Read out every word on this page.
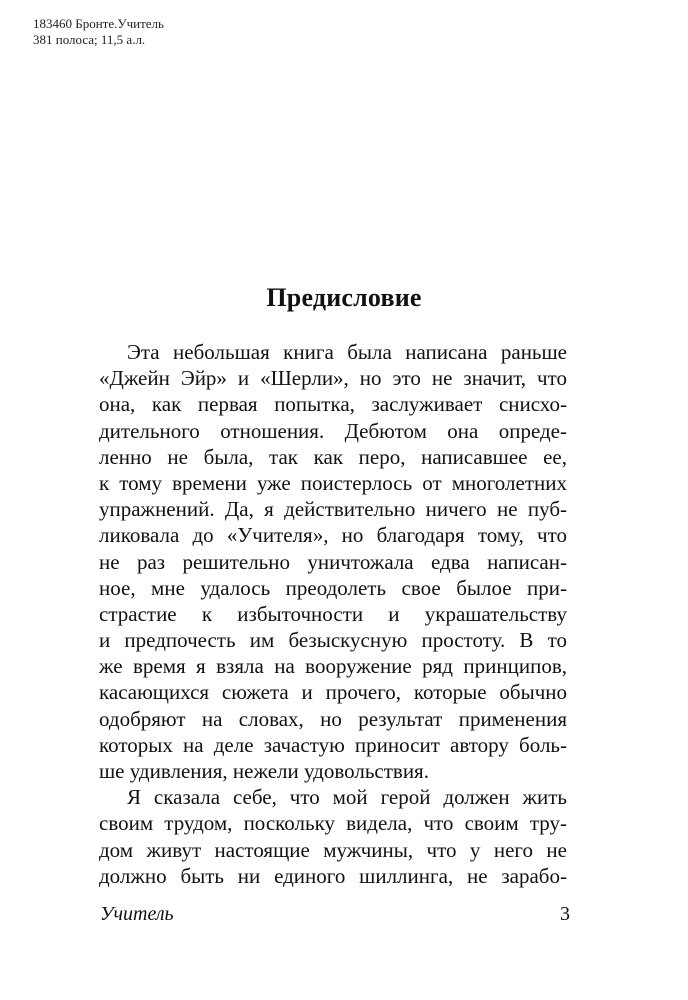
183460 Бронте.Учитель
381 полоса; 11,5 а.л.
Предисловие
Эта небольшая книга была написана раньше
«Джейн Эйр» и «Шерли», но это не значит, что
она, как первая попытка, заслуживает снисхо-
дительного отношения. Дебютом она опреде-
ленно не была, так как перо, написавшее ее,
к тому времени уже поистерлось от многолетних
упражнений. Да, я действительно ничего не пуб-
ликовала до «Учителя», но благодаря тому, что
не раз решительно уничтожала едва написан-
ное, мне удалось преодолеть свое былое при-
страстие к избыточности и украшательству
и предпочесть им безыскусную простоту. В то
же время я взяла на вооружение ряд принципов,
касающихся сюжета и прочего, которые обычно
одобряют на словах, но результат применения
которых на деле зачастую приносит автору боль-
ше удивления, нежели удовольствия.
Я сказала себе, что мой герой должен жить
своим трудом, поскольку видела, что своим тру-
дом живут настоящие мужчины, что у него не
должно быть ни единого шиллинга, не зарабо-
Учитель	3
